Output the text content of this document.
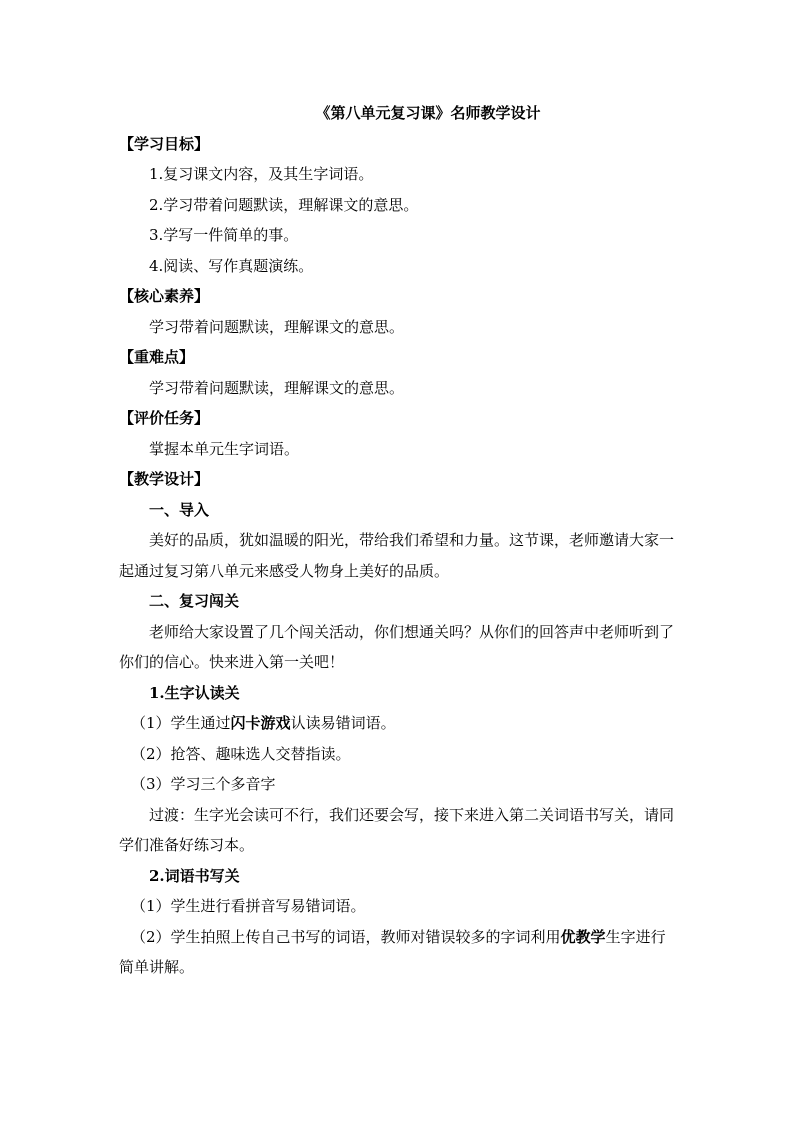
《第八单元复习课》名师教学设计
【学习目标】
1.复习课文内容，及其生字词语。
2.学习带着问题默读，理解课文的意思。
3.学写一件简单的事。
4.阅读、写作真题演练。
【核心素养】
学习带着问题默读，理解课文的意思。
【重难点】
学习带着问题默读，理解课文的意思。
【评价任务】
掌握本单元生字词语。
【教学设计】
一、导入
美好的品质，犹如温暖的阳光，带给我们希望和力量。这节课，老师邀请大家一起通过复习第八单元来感受人物身上美好的品质。
二、复习闯关
老师给大家设置了几个闯关活动，你们想通关吗？从你们的回答声中老师听到了你们的信心。快来进入第一关吧！
1.生字认读关
（1）学生通过闪卡游戏认读易错词语。
（2）抢答、趣味选人交替指读。
（3）学习三个多音字
过渡：生字光会读可不行，我们还要会写，接下来进入第二关词语书写关，请同学们准备好练习本。
2.词语书写关
（1）学生进行看拼音写易错词语。
（2）学生拍照上传自己书写的词语，教师对错误较多的字词利用优教学生字进行简单讲解。
